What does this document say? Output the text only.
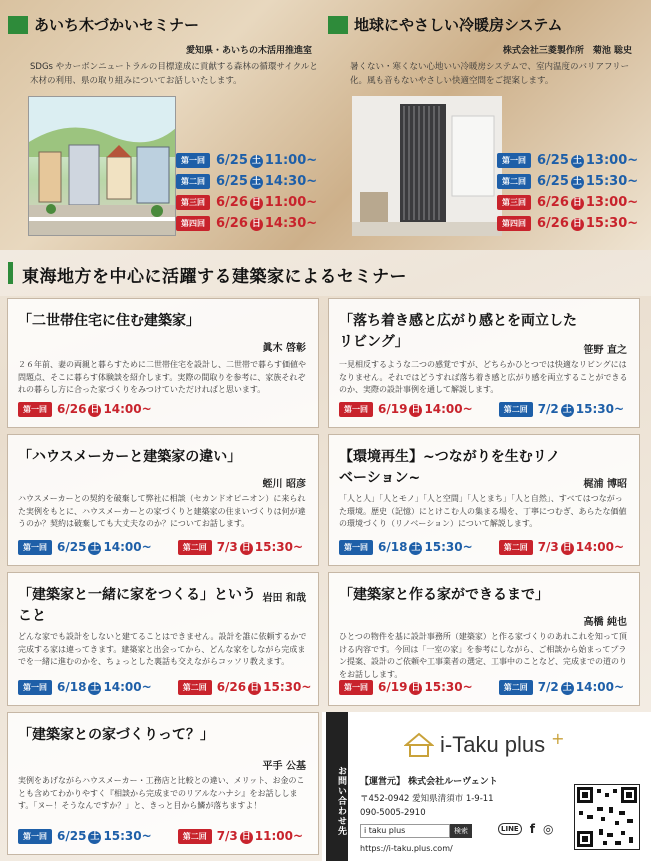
あいち木づかいセミナー
愛知県・あいちの木活用推進室
SDGs やカーボンニュートラルの目標達成に貢献する森林の循環サイクルと木材の利用、県の取り組みについてお話しいたします。
第一回 6/25 土 11:00~
第二回 6/25 土 14:30~
第三回 6/26 日 11:00~
第四回 6/26 日 14:30~
地球にやさしい冷暖房システム
株式会社三菱製作所　菊池 聡史
暑くない・寒くない心地いい冷暖房システムで、室内温度のバリアフリー化。風も音もないやさしい快適空間をご提案します。
第一回 6/25 土 13:00~
第二回 6/25 土 15:30~
第三回 6/26 日 13:00~
第四回 6/26 日 15:30~
東海地方を中心に活躍する建築家によるセミナー
「二世帯住宅に住む建築家」
眞木 啓彰
２６年前、妻の両親と暮らすために二世帯住宅を設計し、二世帯で暮らす価値や問題点、そこに暮らす体験談を紹介します。実際の間取りを参考に、家族それぞれの暮らし方に合った家づくりをみつけていただければと思います。
第一回 6/26 日 14:00~
「落ち着き感と広がり感とを両立したリビング」
笹野 直之
一見相反するような二つの感覚ですが、どちらかひとつでは快適なリビングにはなりません。それではどうすれば落ち着き感と広がり感を両立することができるのか、実際の設計事例を通して解説します。
第一回 6/19 日 14:00~	第二回 7/2 土 15:30~
「ハウスメーカーと建築家の違い」
蛭川 昭彦
ハウスメーカーとの契約を破棄して弊社に相談（セカンドオピニオン）に来られた実例をもとに、ハウスメーカーとの家づくりと建築家の住まいづくりは何が違うのか？契約は破棄しても大丈夫なのか？についてお話します。
第一回 6/25 土 14:00~	第二回 7/3 日 15:30~
【環境再生】~つながりを生むリノベーション~	梶浦 博昭
「人と人」「人とモノ」「人と空間」「人とまち」「人と自然」、すべてはつながった環境。歴史（記憶）にとけこむ人の集まる場を、丁寧につむぎ、あらたな価値の環境づくり（リノベーション）について解説します。
第一回 6/18 土 15:30~	第二回 7/3 日 14:00~
「建築家と一緒に家をつくる」ということ
岩田 和哉
どんな家でも設計をしないと建てることはできません。設計を誰に依頼するかで完成する家は違ってきます。建築家と出会ってから、どんな家をしながら完成までを一緒に進むのかを、ちょっとした裏話も交えながらコッソリ教えます。
第一回 6/18 土 14:00~	第二回 6/26 日 15:30~
「建築家と作る家ができるまで」
高橋 純也
ひとつの物件を基に設計事務所（建築家）と作る家づくりのあれこれを知って頂ける内容です。今回は「一室の家」を参考にしながら、ご相談から始まってプラン提案、設計のご依頼や工事業者の選定、工事中のことなど、完成までの道のりをお話しします。
第一回 6/19 日 15:30~	第二回 7/2 土 14:00~
「建築家との家づくりって？」
平手 公基
実例をあげながらハウスメーカー・工務店と比較との違い、メリット、お金のことも含めてわかりやすく『相談から完成までのリアルなハナシ』をお話しします。「ヌー！そうなんですか？」と、きっと目から鱗が落ちますよ！
第一回 6/25 土 15:30~	第二回 7/3 日 11:00~
お問い合わせ先
i-Taku plus +
【運営元】 株式会社ルーヴェント
〒452-0942 愛知県清須市 1-9-11
090-5005-2910
i taku plus	検索
https://i-taku.plus.com/
LINE f ◎
